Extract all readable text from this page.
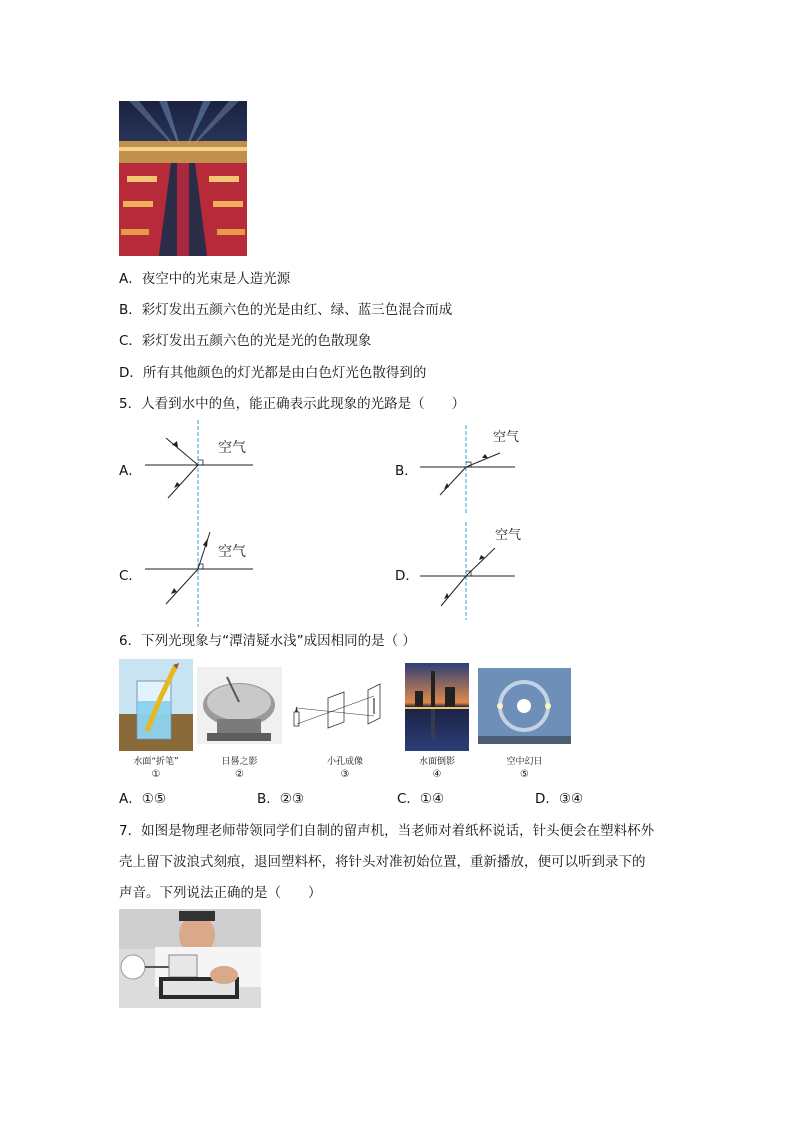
A．夜空中的光束是人造光源
B．彩灯发出五颜六色的光是由红、绿、蓝三色混合而成
C．彩灯发出五颜六色的光是光的色散现象
D．所有其他颜色的灯光都是由白色灯光色散得到的
5．人看到水中的鱼，能正确表示此现象的光路是（　　）
A．
空气
B．
空气
C．
空气
D．
空气
6．下列光现象与“潭清疑水浅”成因相同的是（ ）
水面“折笔”	日晷之影	小孔成像	水面倒影	空中幻日
①	②	③	④	⑤
A．①⑤	B．②③	C．①④	D．③④
7．如图是物理老师带领同学们自制的留声机，当老师对着纸杯说话，针头便会在塑料杯外
壳上留下波浪式刻痕，退回塑料杯，将针头对准初始位置，重新播放，便可以听到录下的
声音。下列说法正确的是（　　）
